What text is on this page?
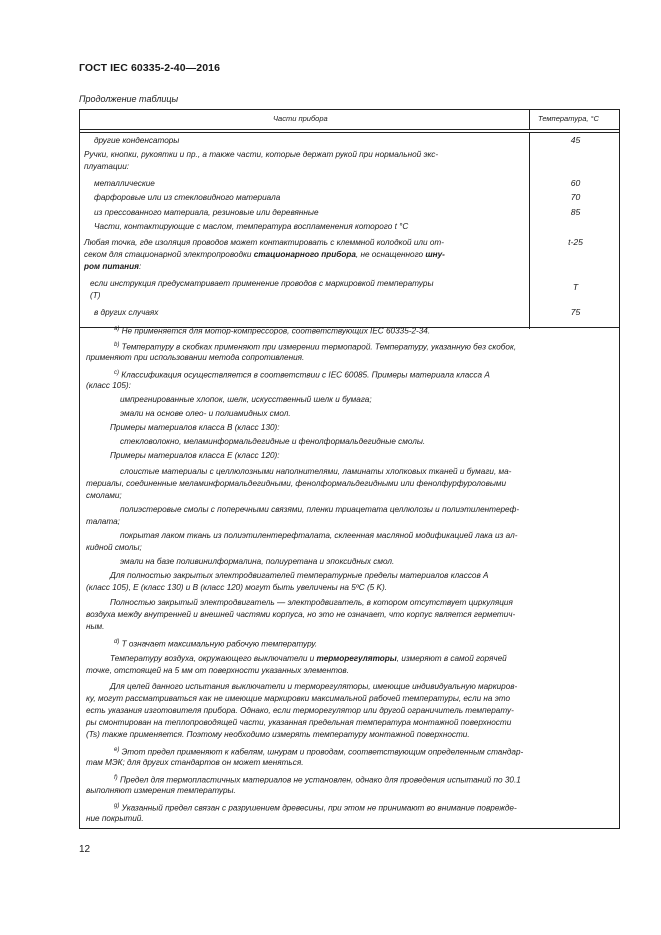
ГОСТ IEC 60335-2-40—2016
Продолжение таблицы
Части прибора	Температура, °С
другие конденсаторы	45
Ручки, кнопки, рукоятки и пр., а также части, которые держат рукой при нормальной экс-
плуатации:
металлические	60
фарфоровые или из стекловидного материала	70
из прессованного материала, резиновые или деревянные	85
Части, контактирующие с маслом, температура воспламенения которого t °С
Любая точка, где изоляция проводов может контактировать с клеммной колодкой или от-	t-25
секом для стационарной электропроводки стационарного прибора, не оснащенного шну-
ром питания:
если инструкция предусматривает применение проводов с маркировкой температуры	T
(T)
в других случаях	75
$^{a)}$ Не применяется для мотор-компрессоров, соответствующих IEC 60335-2-34.
$^{b)}$ Температуру в скобках применяют при измерении термопарой. Температуру, указанную без скобок,
применяют при использовании метода сопротивления.
$^{c)}$ Классификация осуществляется в соответствии с IEC 60085. Примеры материала класса А
(класс 105):
импрегнированные хлопок, шелк, искусственный шелк и бумага;
эмали на основе олео- и полиамидных смол.
Примеры материалов класса В (класс 130):
стекловолокно, меламинформальдегидные и фенолформальдегидные смолы.
Примеры материалов класса Е (класс 120):
слоистые материалы с целлюлозными наполнителями, ламинаты хлопковых тканей и бумаги, ма-
териалы, соединенные меламинформальдегидными, фенолформальдегидными или фенолфурфуроловыми
смолами;
полиэстеровые смолы с поперечными связями, пленки триацетата целлюлозы и полиэтилентереф-
талата;
покрытая лаком ткань из полиэтилентерефталата, склеенная масляной модификацией лака из ал-
кидной смолы;
эмали на базе поливинилформалина, полиуретана и эпоксидных смол.
Для полностью закрытых электродвигателей температурные пределы материалов классов А
(класс 105), Е (класс 130) и В (класс 120) могут быть увеличены на 5ºC (5 K).
Полностью закрытый электродвигатель — электродвигатель, в котором отсутствует циркуляция
воздуха между внутренней и внешней частями корпуса, но это не означает, что корпус является герметич-
ным.
$^{d)}$ T означает максимальную рабочую температуру.
Температуру воздуха, окружающего выключатели и терморегуляторы, измеряют в самой горячей
точке, отстоящей на 5 мм от поверхности указанных элементов.
Для целей данного испытания выключатели и терморегуляторы, имеющие индивидуальную маркиров-
ку, могут рассматриваться как не имеющие маркировки максимальной рабочей температуры, если на это
есть указания изготовителя прибора. Однако, если терморегулятор или другой ограничитель температу-
ры смонтирован на теплопроводящей части, указанная предельная температура монтажной поверхности
(Ts) также применяется. Поэтому необходимо измерять температуру монтажной поверхности.
$^{e)}$ Этот предел применяют к кабелям, шнурам и проводам, соответствующим определенным стандар-
там МЭК; для других стандартов он может меняться.
$^{f)}$ Предел для термопластичных материалов не установлен, однако для проведения испытаний по 30.1
выполняют измерения температуры.
$^{g)}$ Указанный предел связан с разрушением древесины, при этом не принимают во внимание поврежде-
ние покрытий.
12
